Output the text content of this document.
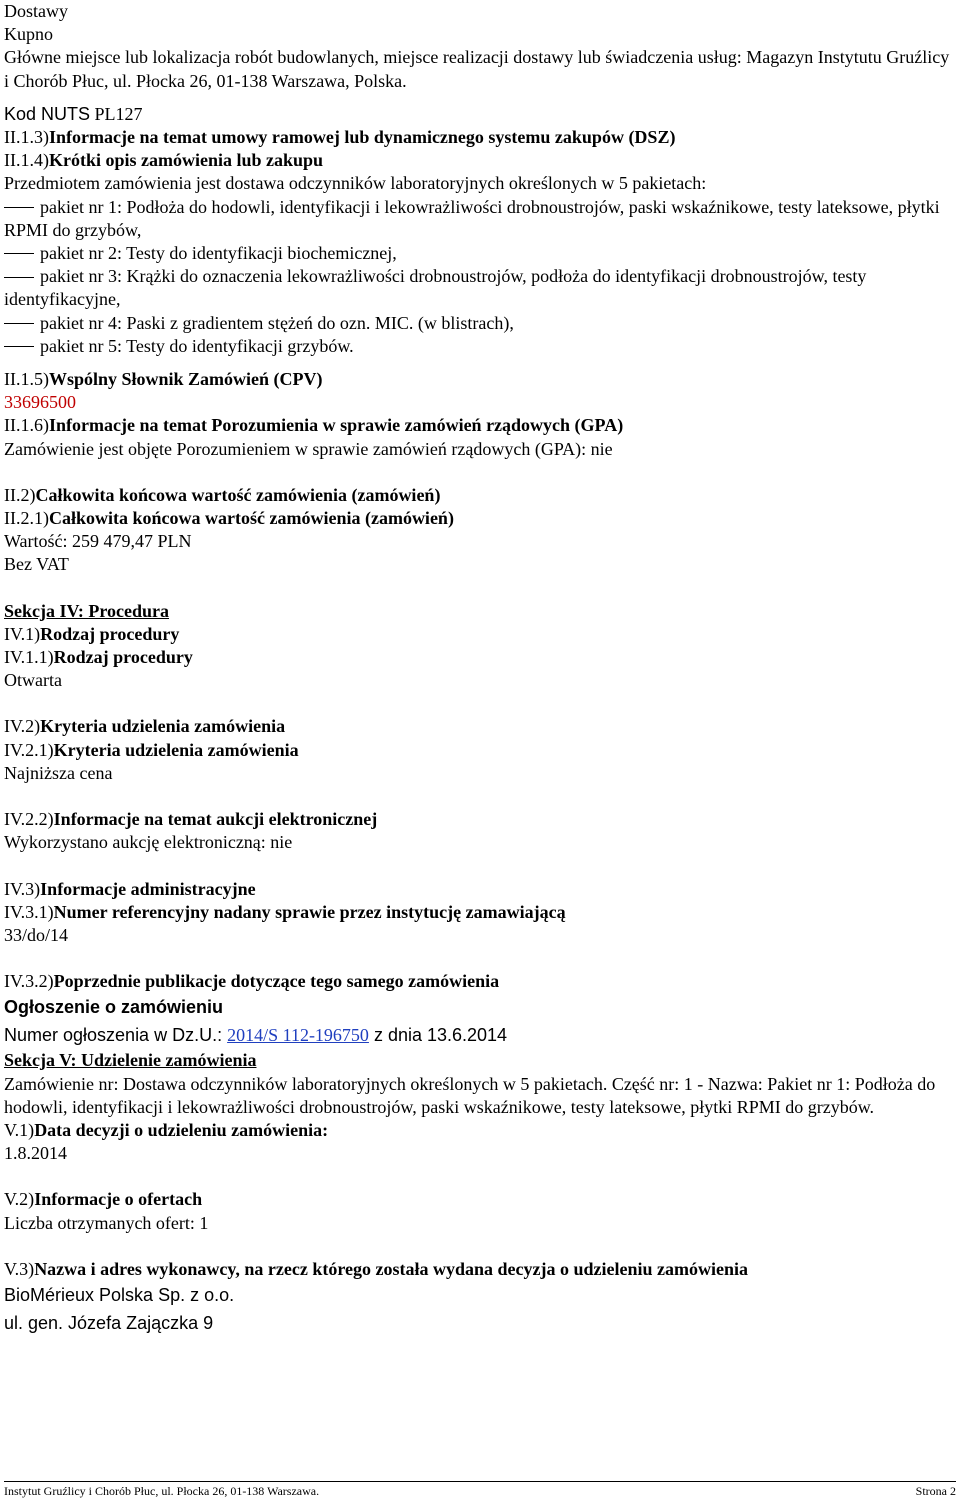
Dostawy
Kupno
Główne miejsce lub lokalizacja robót budowlanych, miejsce realizacji dostawy lub świadczenia usług: Magazyn Instytutu Gruźlicy i Chorób Płuc, ul. Płocka 26, 01-138 Warszawa, Polska.
Kod NUTS PL127
II.1.3)Informacje na temat umowy ramowej lub dynamicznego systemu zakupów (DSZ)
II.1.4)Krótki opis zamówienia lub zakupu
Przedmiotem zamówienia jest dostawa odczynników laboratoryjnych określonych w 5 pakietach:
pakiet nr 1: Podłoża do hodowli, identyfikacji i lekowrażliwości drobnoustrojów, paski wskaźnikowe, testy lateksowe, płytki RPMI do grzybów,
pakiet nr 2: Testy do identyfikacji biochemicznej,
pakiet nr 3: Krążki do oznaczenia lekowrażliwości drobnoustrojów, podłoża do identyfikacji drobnoustrojów, testy identyfikacyjne,
pakiet nr 4: Paski z gradientem stężeń do ozn. MIC. (w blistrach),
pakiet nr 5: Testy do identyfikacji grzybów.
II.1.5)Wspólny Słownik Zamówień (CPV)
33696500
II.1.6)Informacje na temat Porozumienia w sprawie zamówień rządowych (GPA)
Zamówienie jest objęte Porozumieniem w sprawie zamówień rządowych (GPA): nie
II.2)Całkowita końcowa wartość zamówienia (zamówień)
II.2.1)Całkowita końcowa wartość zamówienia (zamówień)
Wartość: 259 479,47 PLN
Bez VAT
Sekcja IV: Procedura
IV.1)Rodzaj procedury
IV.1.1)Rodzaj procedury
Otwarta
IV.2)Kryteria udzielenia zamówienia
IV.2.1)Kryteria udzielenia zamówienia
Najniższa cena
IV.2.2)Informacje na temat aukcji elektronicznej
Wykorzystano aukcję elektroniczną: nie
IV.3)Informacje administracyjne
IV.3.1)Numer referencyjny nadany sprawie przez instytucję zamawiającą
33/do/14
IV.3.2)Poprzednie publikacje dotyczące tego samego zamówienia
Ogłoszenie o zamówieniu
Numer ogłoszenia w Dz.U.: 2014/S 112-196750 z dnia 13.6.2014
Sekcja V: Udzielenie zamówienia
Zamówienie nr: Dostawa odczynników laboratoryjnych określonych w 5 pakietach. Część nr: 1 - Nazwa: Pakiet nr 1: Podłoża do hodowli, identyfikacji i lekowrażliwości drobnoustrojów, paski wskaźnikowe, testy lateksowe, płytki RPMI do grzybów.
V.1)Data decyzji o udzieleniu zamówienia:
1.8.2014
V.2)Informacje o ofertach
Liczba otrzymanych ofert: 1
V.3)Nazwa i adres wykonawcy, na rzecz którego została wydana decyzja o udzieleniu zamówienia
BioMérieux Polska Sp. z o.o.
ul. gen. Józefa Zajączka 9
Instytut Gruźlicy i Chorób Płuc, ul. Płocka 26, 01-138 Warszawa.	Strona 2
